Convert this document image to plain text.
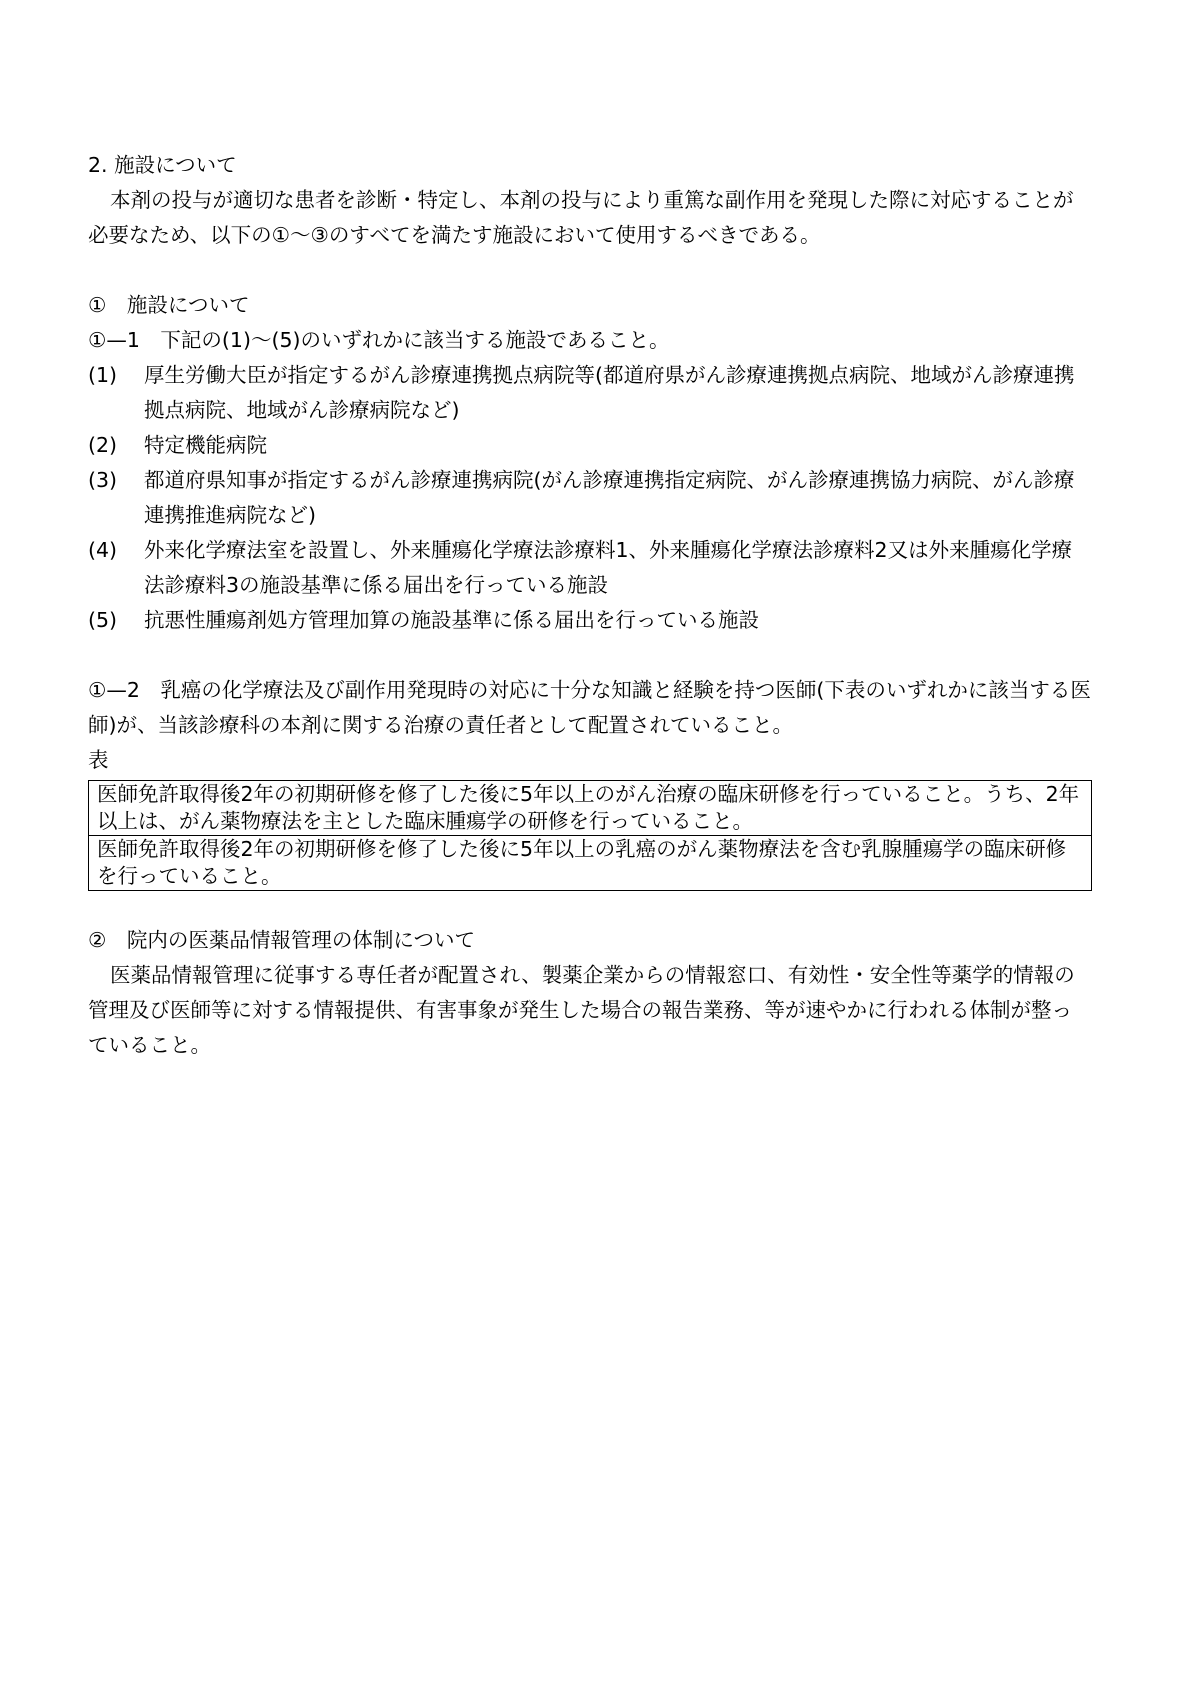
2. 施設について
本剤の投与が適切な患者を診断・特定し、本剤の投与により重篤な副作用を発現した際に対応することが必要なため、以下の①～③のすべてを満たす施設において使用するべきである。
①　施設について
①—1　下記の(1)～(5)のいずれかに該当する施設であること。
(1)	厚生労働大臣が指定するがん診療連携拠点病院等(都道府県がん診療連携拠点病院、地域がん診療連携拠点病院、地域がん診療病院など)
(2)	特定機能病院
(3)	都道府県知事が指定するがん診療連携病院(がん診療連携指定病院、がん診療連携協力病院、がん診療連携推進病院など)
(4)	外来化学療法室を設置し、外来腫瘍化学療法診療料1、外来腫瘍化学療法診療料2又は外来腫瘍化学療法診療料3の施設基準に係る届出を行っている施設
(5)	抗悪性腫瘍剤処方管理加算の施設基準に係る届出を行っている施設
①—2　乳癌の化学療法及び副作用発現時の対応に十分な知識と経験を持つ医師(下表のいずれかに該当する医師)が、当該診療科の本剤に関する治療の責任者として配置されていること。
表
医師免許取得後2年の初期研修を修了した後に5年以上のがん治療の臨床研修を行っていること。うち、2年以上は、がん薬物療法を主とした臨床腫瘍学の研修を行っていること。
医師免許取得後2年の初期研修を修了した後に5年以上の乳癌のがん薬物療法を含む乳腺腫瘍学の臨床研修を行っていること。
②　院内の医薬品情報管理の体制について
医薬品情報管理に従事する専任者が配置され、製薬企業からの情報窓口、有効性・安全性等薬学的情報の管理及び医師等に対する情報提供、有害事象が発生した場合の報告業務、等が速やかに行われる体制が整っていること。
